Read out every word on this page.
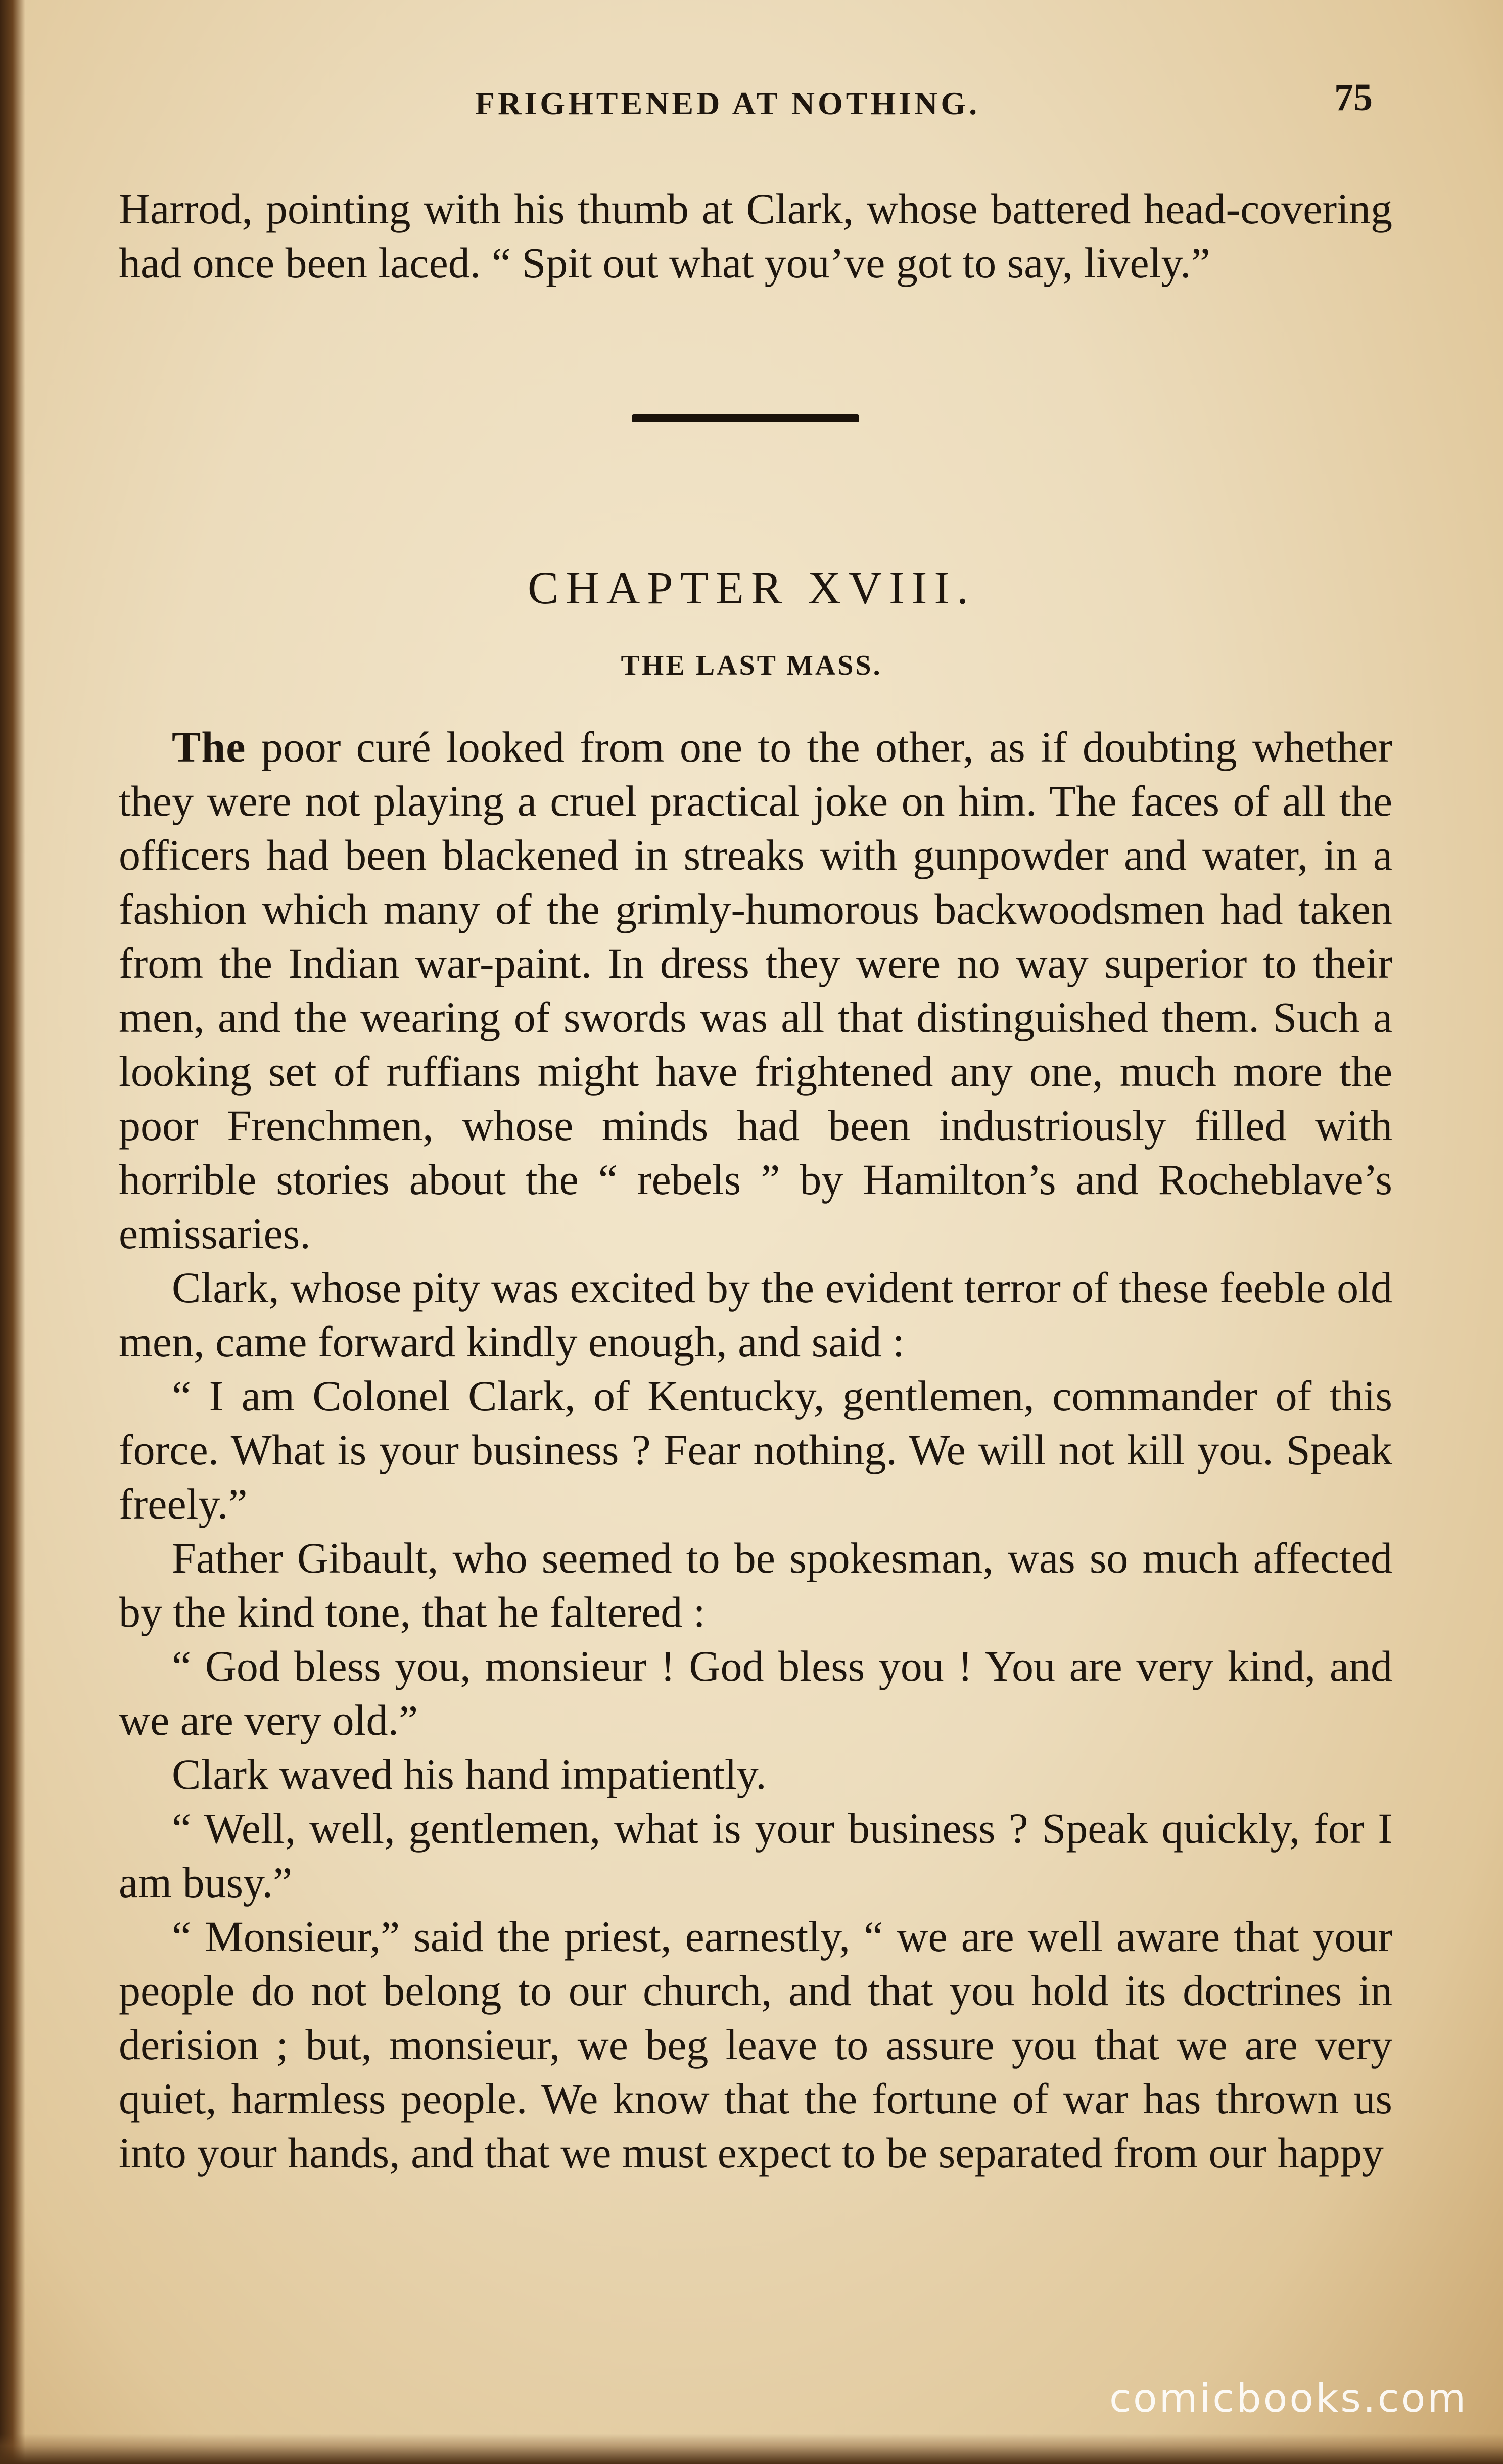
FRIGHTENED AT NOTHING.	75

Harrod, pointing with his thumb at Clark, whose battered head-covering had once been laced. “ Spit out what you’ve got to say, lively.”

CHAPTER XVIII.
THE LAST MASS.

The poor curé looked from one to the other, as if doubting whether they were not playing a cruel practical joke on him. The faces of all the officers had been blackened in streaks with gunpowder and water, in a fashion which many of the grimly-humorous backwoodsmen had taken from the Indian war-paint. In dress they were no way superior to their men, and the wearing of swords was all that distinguished them. Such a looking set of ruffians might have frightened any one, much more the poor Frenchmen, whose minds had been industriously filled with horrible stories about the “ rebels ” by Hamilton’s and Rocheblave’s emissaries.

Clark, whose pity was excited by the evident terror of these feeble old men, came forward kindly enough, and said :

“ I am Colonel Clark, of Kentucky, gentlemen, commander of this force. What is your business ? Fear nothing. We will not kill you. Speak freely.”

Father Gibault, who seemed to be spokesman, was so much affected by the kind tone, that he faltered :

“ God bless you, monsieur ! God bless you ! You are very kind, and we are very old.”

Clark waved his hand impatiently.

“ Well, well, gentlemen, what is your business ? Speak quickly, for I am busy.”

“ Monsieur,” said the priest, earnestly, “ we are well aware that your people do not belong to our church, and that you hold its doctrines in derision ; but, monsieur, we beg leave to assure you that we are very quiet, harmless people. We know that the fortune of war has thrown us into your hands, and that we must expect to be separated from our happy

comicbooks.com
